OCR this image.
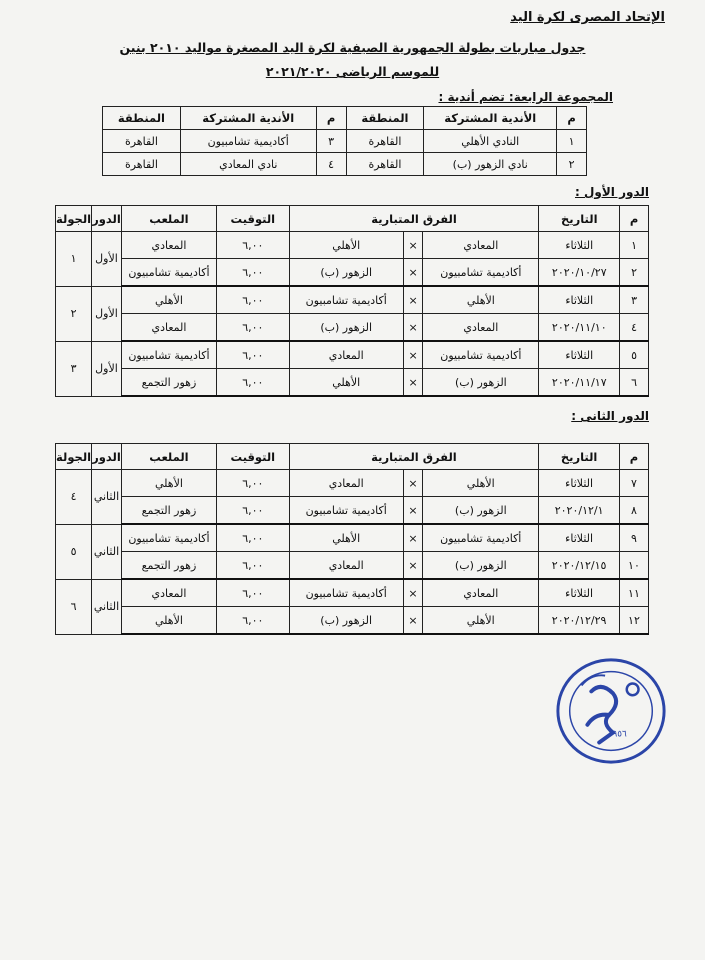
الإتحاد المصرى لكرة اليد
جدول مباريات بطولة الجمهورية الصيفية لكرة اليد المصغرة مواليد ٢٠١٠ بنين
للموسم الرياضى ٢٠٢١/٢٠٢٠
المجموعة الرابعة: تضم أندية :
م	الأندية المشتركة	المنطقة	م	الأندية المشتركة	المنطقة
١	النادي الأهلي	القاهرة	٣	أكاديمية تشامبيون	القاهرة
٢	نادي الزهور (ب)	القاهرة	٤	نادي المعادي	القاهرة
الدور الأول :
م	التاريخ	الفرق المتبارية			التوقيت	الملعب	الدور	الجولة
١	الثلاثاء	المعادي	×	الأهلي	٦,٠٠	المعادي	الأول	١
٢	٢٠٢٠/١٠/٢٧	أكاديمية تشامبيون	×	الزهور (ب)	٦,٠٠	أكاديمية تشامبيون		
٣	الثلاثاء	الأهلي	×	أكاديمية تشامبيون	٦,٠٠	الأهلي	الأول	٢
٤	٢٠٢٠/١١/١٠	المعادي	×	الزهور (ب)	٦,٠٠	المعادي		
٥	الثلاثاء	أكاديمية تشامبيون	×	المعادي	٦,٠٠	أكاديمية تشامبيون	الأول	٣
٦	٢٠٢٠/١١/١٧	الزهور (ب)	×	الأهلي	٦,٠٠	زهور التجمع		
الدور الثانى :
م	التاريخ	الفرق المتبارية			التوقيت	الملعب	الدور	الجولة
٧	الثلاثاء	الأهلي	×	المعادي	٦,٠٠	الأهلي	الثاني	٤
٨	٢٠٢٠/١٢/١	الزهور (ب)	×	أكاديمية تشامبيون	٦,٠٠	زهور التجمع		
٩	الثلاثاء	أكاديمية تشامبيون	×	الأهلي	٦,٠٠	أكاديمية تشامبيون	الثاني	٥
١٠	٢٠٢٠/١٢/١٥	الزهور (ب)	×	المعادي	٦,٠٠	زهور التجمع		
١١	الثلاثاء	المعادي	×	أكاديمية تشامبيون	٦,٠٠	المعادي	الثاني	٦
١٢	٢٠٢٠/١٢/٢٩	الأهلي	×	الزهور (ب)	٦,٠٠	الأهلي		
١٩٥٦
